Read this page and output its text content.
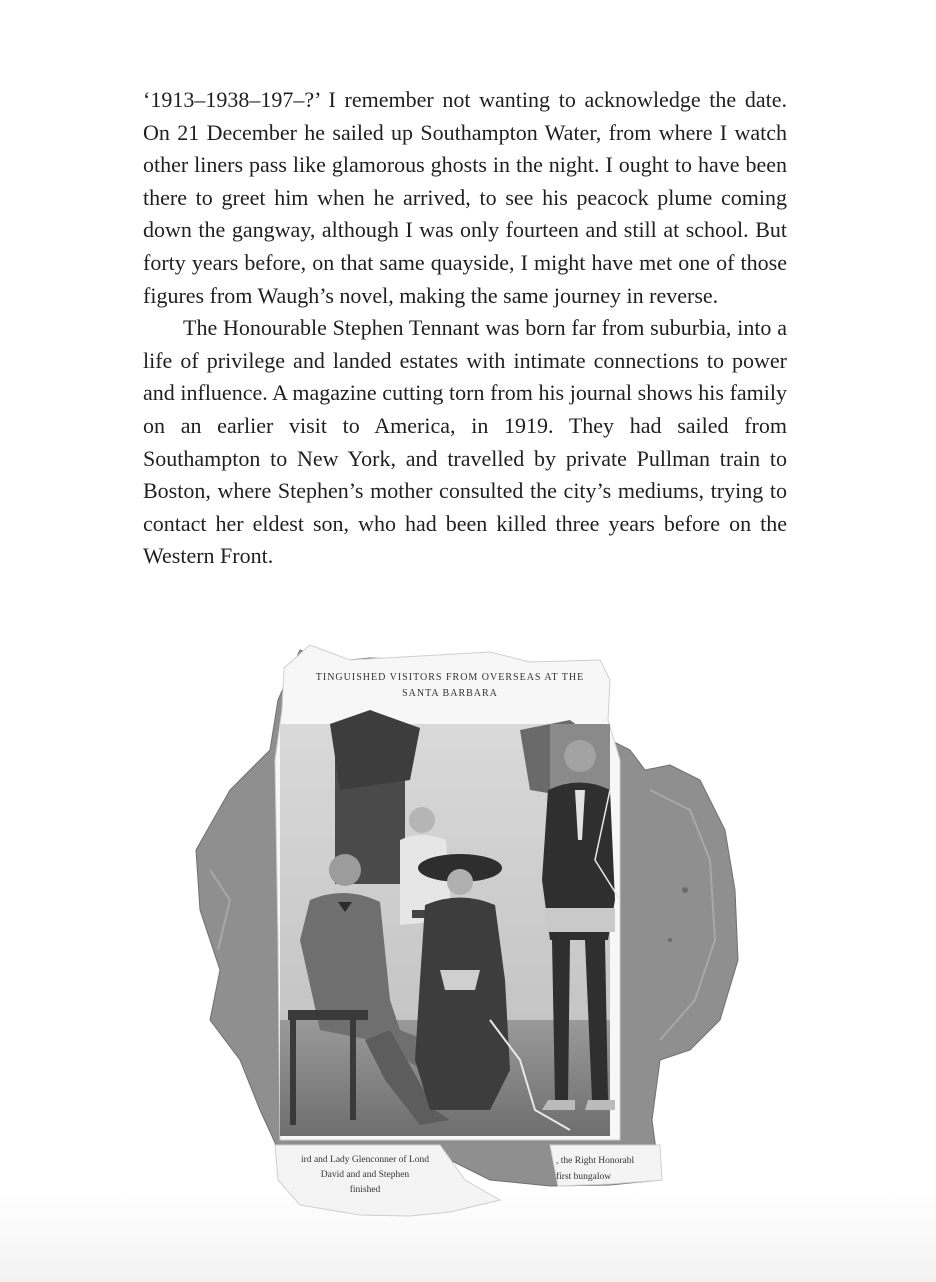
‘1913–1938–197–?’ I remember not wanting to acknowledge the date. On 21 December he sailed up Southampton Water, from where I watch other liners pass like glamorous ghosts in the night. I ought to have been there to greet him when he arrived, to see his peacock plume coming down the gangway, although I was only fourteen and still at school. But forty years before, on that same quayside, I might have met one of those figures from Waugh’s novel, making the same journey in reverse.

The Honourable Stephen Tennant was born far from suburbia, into a life of privilege and landed estates with intimate connections to power and influence. A magazine cutting torn from his journal shows his family on an earlier visit to America, in 1919. They had sailed from Southampton to New York, and travelled by private Pullman train to Boston, where Stephen’s mother consulted the city’s mediums, trying to contact her eldest son, who had been killed three years before on the Western Front.

TINGUISHED VISITORS FROM OVERSEAS AT THE
SANTA BARBARA
ird and Lady Glenconner of Lond
David and and Stephen
finished
, the Right Honorabl
first bungalow
